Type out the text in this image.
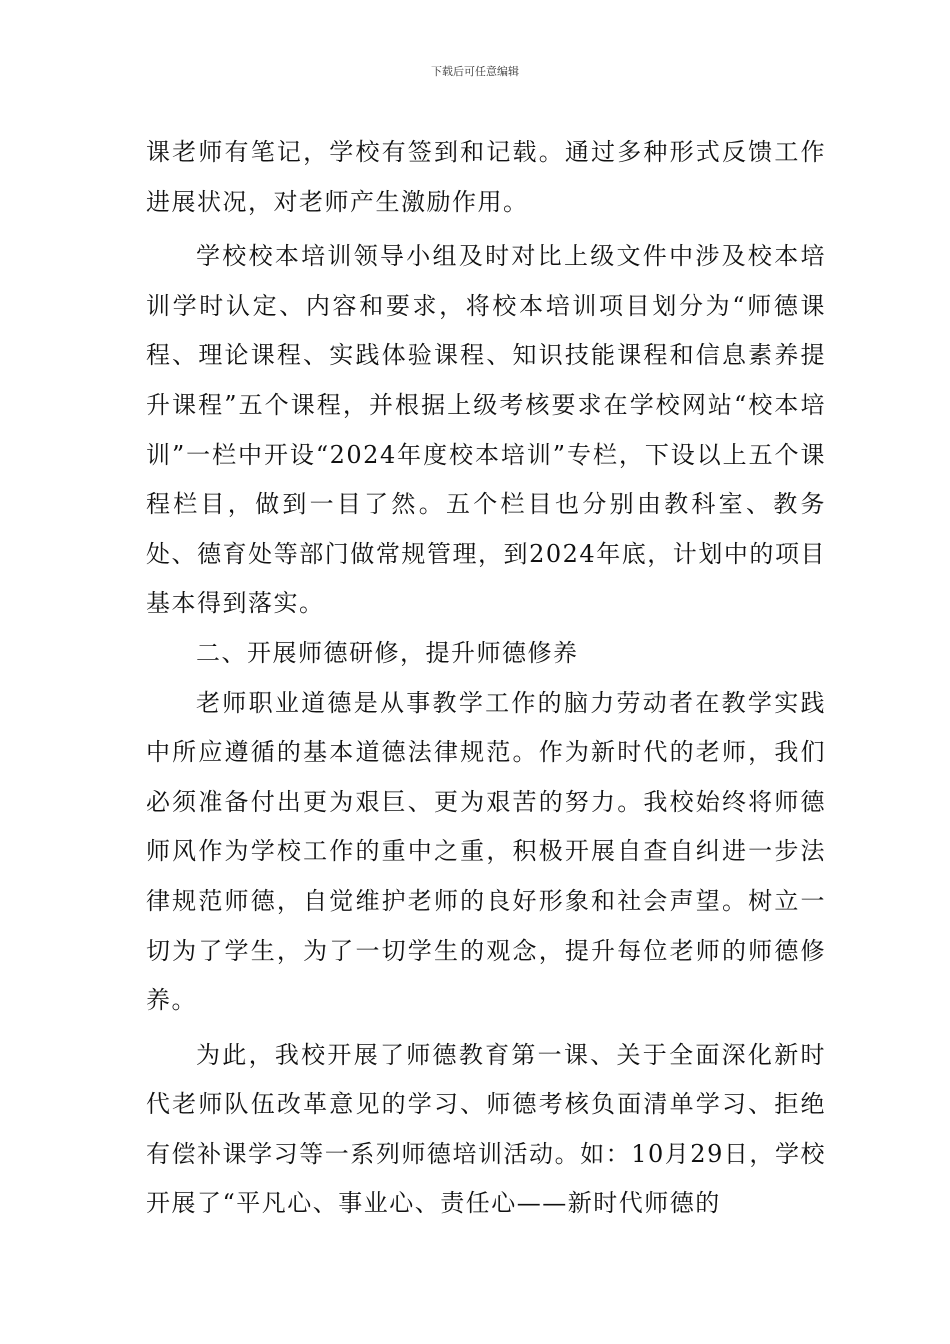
下载后可任意编辑

课老师有笔记，学校有签到和记载。通过多种形式反馈工作进展状况，对老师产生激励作用。

学校校本培训领导小组及时对比上级文件中涉及校本培训学时认定、内容和要求，将校本培训项目划分为“师德课程、理论课程、实践体验课程、知识技能课程和信息素养提升课程”五个课程，并根据上级考核要求在学校网站“校本培训”一栏中开设“2024年度校本培训”专栏，下设以上五个课程栏目，做到一目了然。五个栏目也分别由教科室、教务处、德育处等部门做常规管理，到2024年底，计划中的项目基本得到落实。

二、开展师德研修，提升师德修养

老师职业道德是从事教学工作的脑力劳动者在教学实践中所应遵循的基本道德法律规范。作为新时代的老师，我们必须准备付出更为艰巨、更为艰苦的努力。我校始终将师德师风作为学校工作的重中之重，积极开展自查自纠进一步法律规范师德，自觉维护老师的良好形象和社会声望。树立一切为了学生，为了一切学生的观念，提升每位老师的师德修养。

为此，我校开展了师德教育第一课、关于全面深化新时代老师队伍改革意见的学习、师德考核负面清单学习、拒绝有偿补课学习等一系列师德培训活动。如：10月29日，学校开展了“平凡心、事业心、责任心——新时代师德的
